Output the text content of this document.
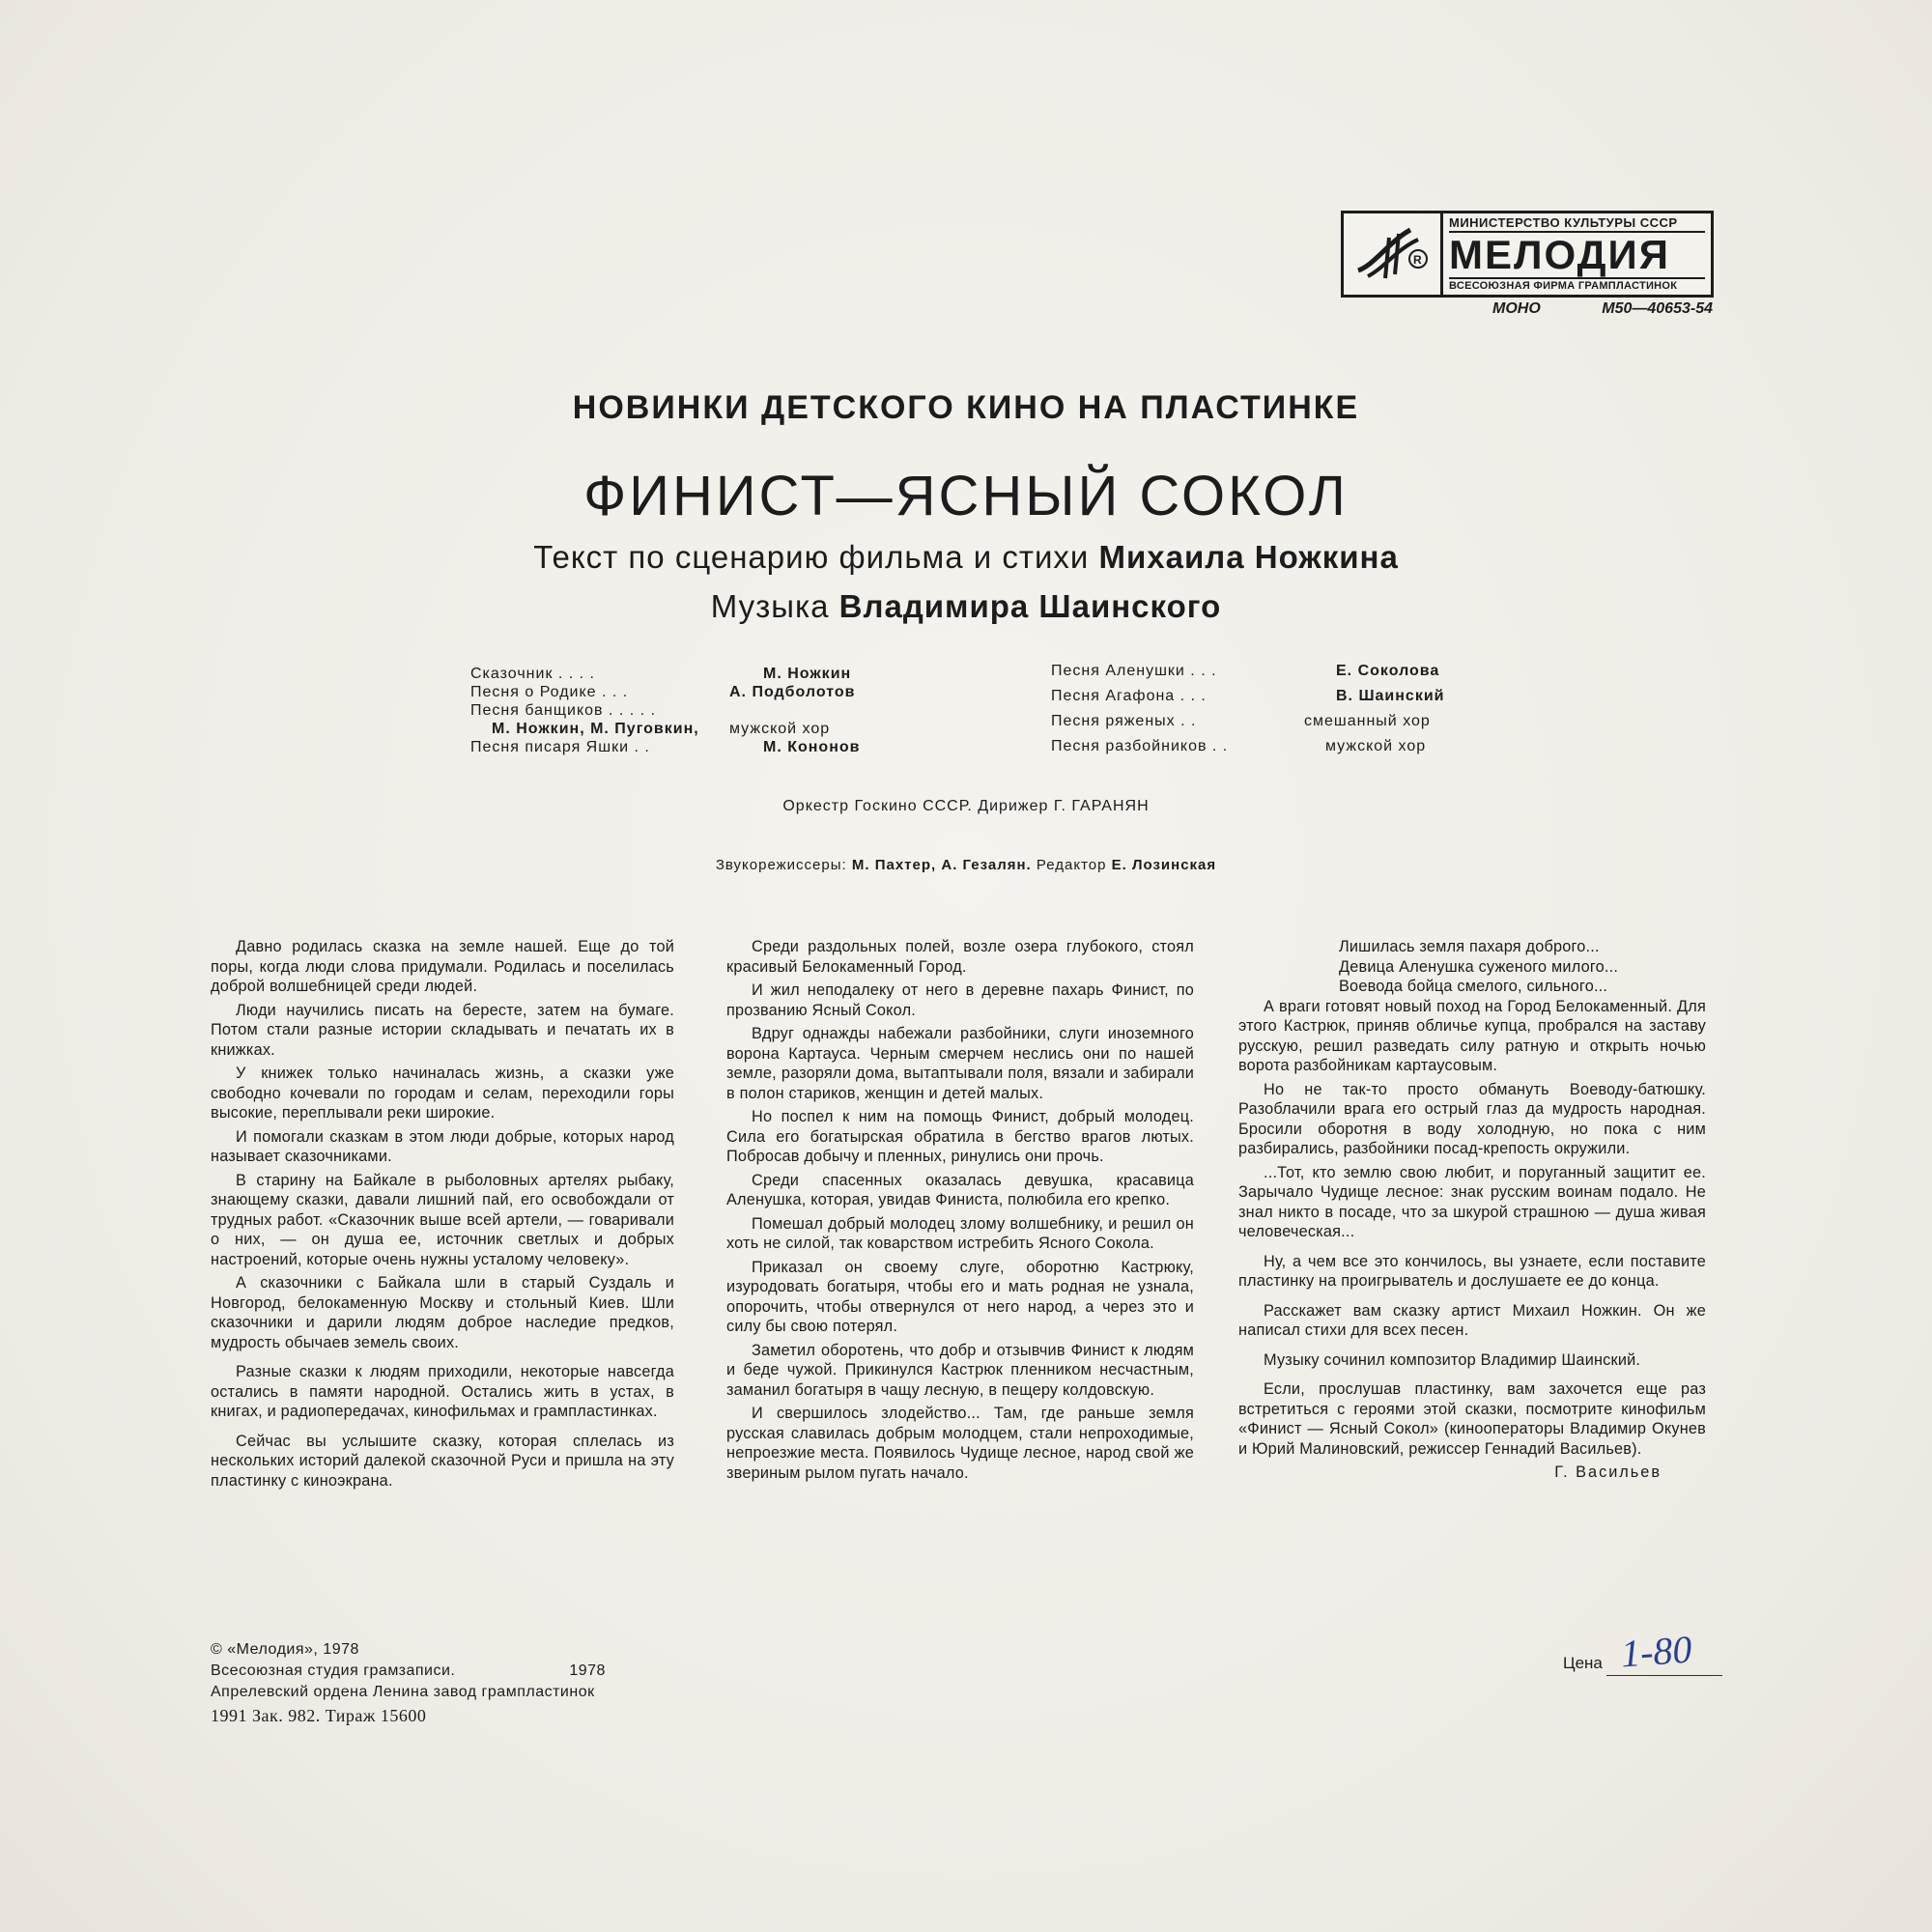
R
МИНИСТЕРСТВО КУЛЬТУРЫ СССР
МЕЛОДИЯ
ВСЕСОЮЗНАЯ ФИРМА ГРАМПЛАСТИНОК
МОНО	М50—40653-54
НОВИНКИ ДЕТСКОГО КИНО НА ПЛАСТИНКЕ
ФИНИСТ—ЯСНЫЙ СОКОЛ
Текст по сценарию фильма и стихи Михаила Ножкина
Музыка Владимира Шаинского
Сказочник . . . .	М. Ножкин
Песня о Родике . . .	А. Подболотов
Песня банщиков . . . . .
М. Ножкин, М. Пуговкин, мужской хор
Песня писаря Яшки . .	М. Кононов
Песня Аленушки . . .	Е. Соколова
Песня Агафона . . .	В. Шаинский
Песня ряженых . .	смешанный хор
Песня разбойников . .	мужской хор
Оркестр Госкино СССР. Дирижер Г. ГАРАНЯН
Звукорежиссеры: М. Пахтер, А. Гезалян. Редактор Е. Лозинская

Давно родилась сказка на земле нашей. Еще до той поры, когда люди слова придумали. Родилась и поселилась доброй волшебницей среди людей.

Люди научились писать на бересте, затем на бумаге. Потом стали разные истории складывать и печатать их в книжках.

У книжек только начиналась жизнь, а сказки уже свободно кочевали по городам и селам, переходили горы высокие, переплывали реки широкие.

И помогали сказкам в этом люди добрые, которых народ называет сказочниками.

В старину на Байкале в рыболовных артелях рыбаку, знающему сказки, давали лишний пай, его освобождали от трудных работ. «Сказочник выше всей артели, — говаривали о них, — он душа ее, источник светлых и добрых настроений, которые очень нужны усталому человеку».

А сказочники с Байкала шли в старый Суздаль и Новгород, белокаменную Москву и стольный Киев. Шли сказочники и дарили людям доброе наследие предков, мудрость обычаев земель своих.

Разные сказки к людям приходили, некоторые навсегда остались в памяти народной. Остались жить в устах, в книгах, и радиопередачах, кинофильмах и грампластинках.

Сейчас вы услышите сказку, которая сплелась из нескольких историй далекой сказочной Руси и пришла на эту пластинку с киноэкрана.

Среди раздольных полей, возле озера глубокого, стоял красивый Белокаменный Город.

И жил неподалеку от него в деревне пахарь Финист, по прозванию Ясный Сокол.

Вдруг однажды набежали разбойники, слуги иноземного ворона Картауса. Черным смерчем неслись они по нашей земле, разоряли дома, вытаптывали поля, вязали и забирали в полон стариков, женщин и детей малых.

Но поспел к ним на помощь Финист, добрый молодец. Сила его богатырская обратила в бегство врагов лютых. Побросав добычу и пленных, ринулись они прочь.

Среди спасенных оказалась девушка, красавица Аленушка, которая, увидав Финиста, полюбила его крепко.

Помешал добрый молодец злому волшебнику, и решил он хоть не силой, так коварством истребить Ясного Сокола.

Приказал он своему слуге, оборотню Кастрюку, изуродовать богатыря, чтобы его и мать родная не узнала, опорочить, чтобы отвернулся от него народ, а через это и силу бы свою потерял.

Заметил оборотень, что добр и отзывчив Финист к людям и беде чужой. Прикинулся Кастрюк пленником несчастным, заманил богатыря в чащу лесную, в пещеру колдовскую.

И свершилось злодейство... Там, где раньше земля русская славилась добрым молодцем, стали непроходимые, непроезжие места. Появилось Чудище лесное, народ свой же звериным рылом пугать начало.

Лишилась земля пахаря доброго...

Девица Аленушка суженого милого...

Воевода бойца смелого, сильного...

А враги готовят новый поход на Город Белокаменный. Для этого Кастрюк, приняв обличье купца, пробрался на заставу русскую, решил разведать силу ратную и открыть ночью ворота разбойникам картаусовым.

Но не так-то просто обмануть Воеводу-батюшку. Разоблачили врага его острый глаз да мудрость народная. Бросили оборотня в воду холодную, но пока с ним разбирались, разбойники посад-крепость окружили.

...Тот, кто землю свою любит, и поруганный защитит ее. Зарычало Чудище лесное: знак русским воинам подало. Не знал никто в посаде, что за шкурой страшною — душа живая человеческая...

Ну, а чем все это кончилось, вы узнаете, если поставите пластинку на проигрыватель и дослушаете ее до конца.

Расскажет вам сказку артист Михаил Ножкин. Он же написал стихи для всех песен.

Музыку сочинил композитор Владимир Шаинский.

Если, прослушав пластинку, вам захочется еще раз встретиться с героями этой сказки, посмотрите кинофильм «Финист — Ясный Сокол» (кинооператоры Владимир Окунев и Юрий Малиновский, режиссер Геннадий Васильев).

Г. Васильев

© «Мелодия», 1978
Всесоюзная студия грамзаписи.	1978
Апрелевский ордена Ленина завод грампластинок
1991 Зак. 982. Тираж 15600
Цена 1-80
